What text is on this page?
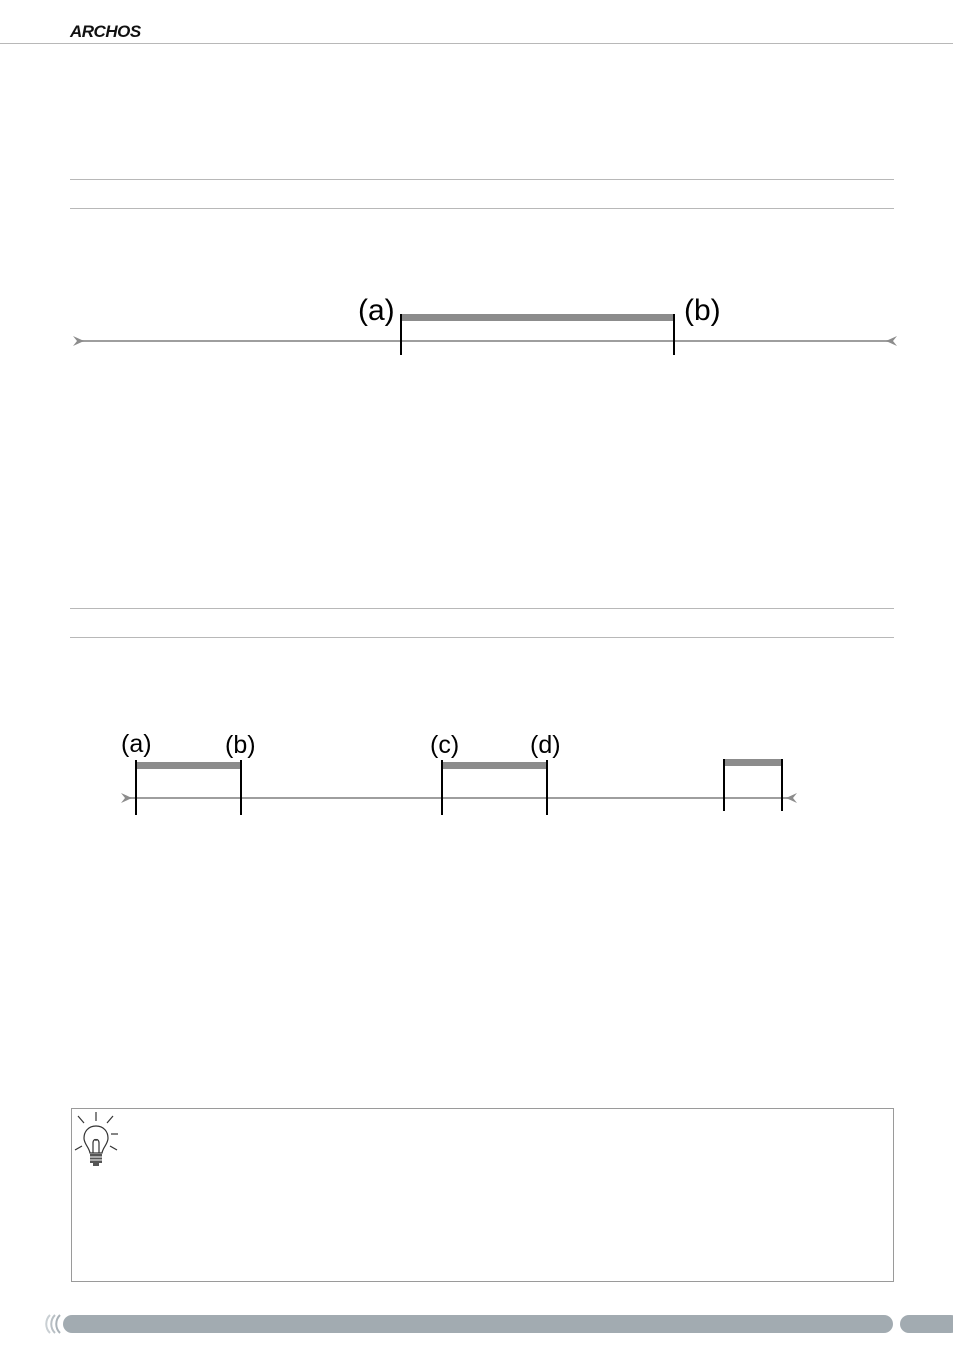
ARCHOS
(a)	(b)
(a)	(b)	(c)	(d)
